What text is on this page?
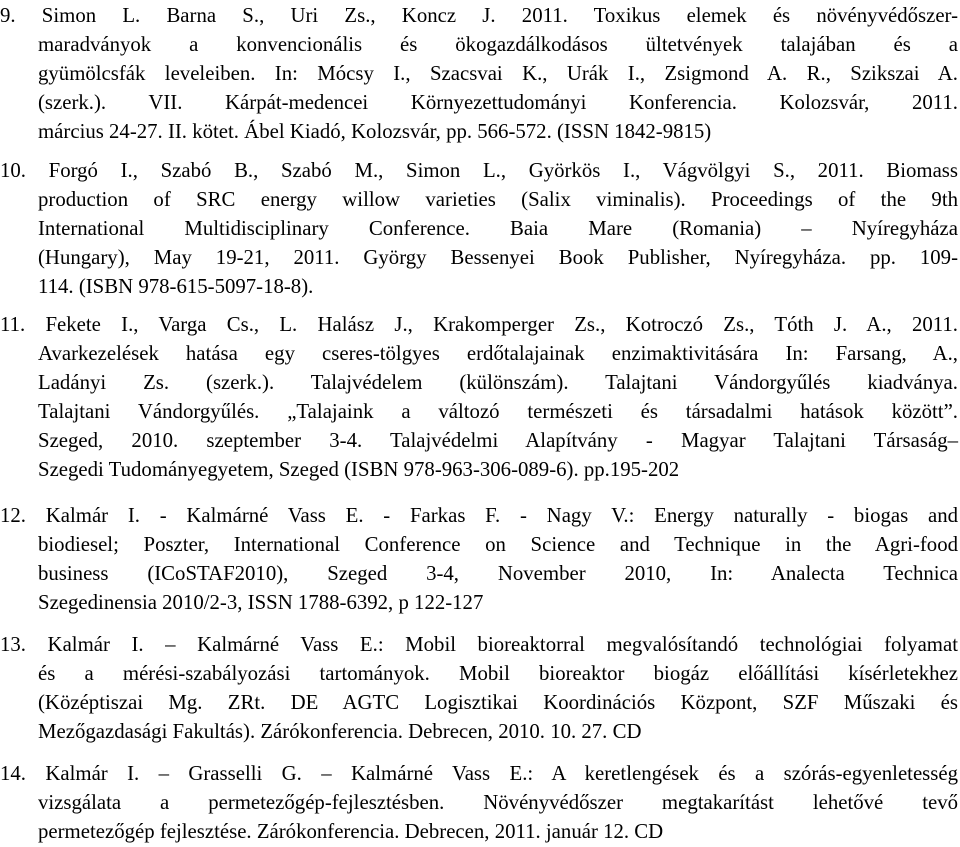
9. Simon L. Barna S., Uri Zs., Koncz J. 2011. Toxikus elemek és növényvédőszer-
maradványok a konvencionális és ökogazdálkodásos ültetvények talajában és a
gyümölcsfák leveleiben. In: Mócsy I., Szacsvai K., Urák I., Zsigmond A. R., Szikszai A.
(szerk.). VII. Kárpát-medencei Környezettudományi Konferencia. Kolozsvár, 2011.
március 24-27. II. kötet. Ábel Kiadó, Kolozsvár, pp. 566-572. (ISSN 1842-9815)
10. Forgó I., Szabó B., Szabó M., Simon L., Györkös I., Vágvölgyi S., 2011. Biomass
production of SRC energy willow varieties (Salix viminalis). Proceedings of the 9th
International Multidisciplinary Conference. Baia Mare (Romania) – Nyíregyháza
(Hungary), May 19-21, 2011. György Bessenyei Book Publisher, Nyíregyháza. pp. 109-
114. (ISBN 978-615-5097-18-8).
11. Fekete I., Varga Cs., L. Halász J., Krakomperger Zs., Kotroczó Zs., Tóth J. A., 2011.
Avarkezelések hatása egy cseres-tölgyes erdőtalajainak enzimaktivitására In: Farsang, A.,
Ladányi Zs. (szerk.). Talajvédelem (különszám). Talajtani Vándorgyűlés kiadványa.
Talajtani Vándorgyűlés. „Talajaink a változó természeti és társadalmi hatások között”.
Szeged, 2010. szeptember 3-4. Talajvédelmi Alapítvány - Magyar Talajtani Társaság–
Szegedi Tudományegyetem, Szeged (ISBN 978-963-306-089-6). pp.195-202
12. Kalmár I. - Kalmárné Vass E. - Farkas F. - Nagy V.: Energy naturally - biogas and
biodiesel; Poszter, International Conference on Science and Technique in the Agri-food
business (ICoSTAF2010), Szeged 3-4, November 2010, In: Analecta Technica
Szegedinensia 2010/2-3, ISSN 1788-6392, p 122-127
13. Kalmár I. – Kalmárné Vass E.: Mobil bioreaktorral megvalósítandó technológiai folyamat
és a mérési-szabályozási tartományok. Mobil bioreaktor biogáz előállítási kísérletekhez
(Középtiszai Mg. ZRt. DE AGTC Logisztikai Koordinációs Központ, SZF Műszaki és
Mezőgazdasági Fakultás). Zárókonferencia. Debrecen, 2010. 10. 27. CD
14. Kalmár I. – Grasselli G. – Kalmárné Vass E.: A keretlengések és a szórás-egyenletesség
vizsgálata a permetezőgép-fejlesztésben. Növényvédőszer megtakarítást lehetővé tevő
permetezőgép fejlesztése. Zárókonferencia. Debrecen, 2011. január 12. CD
